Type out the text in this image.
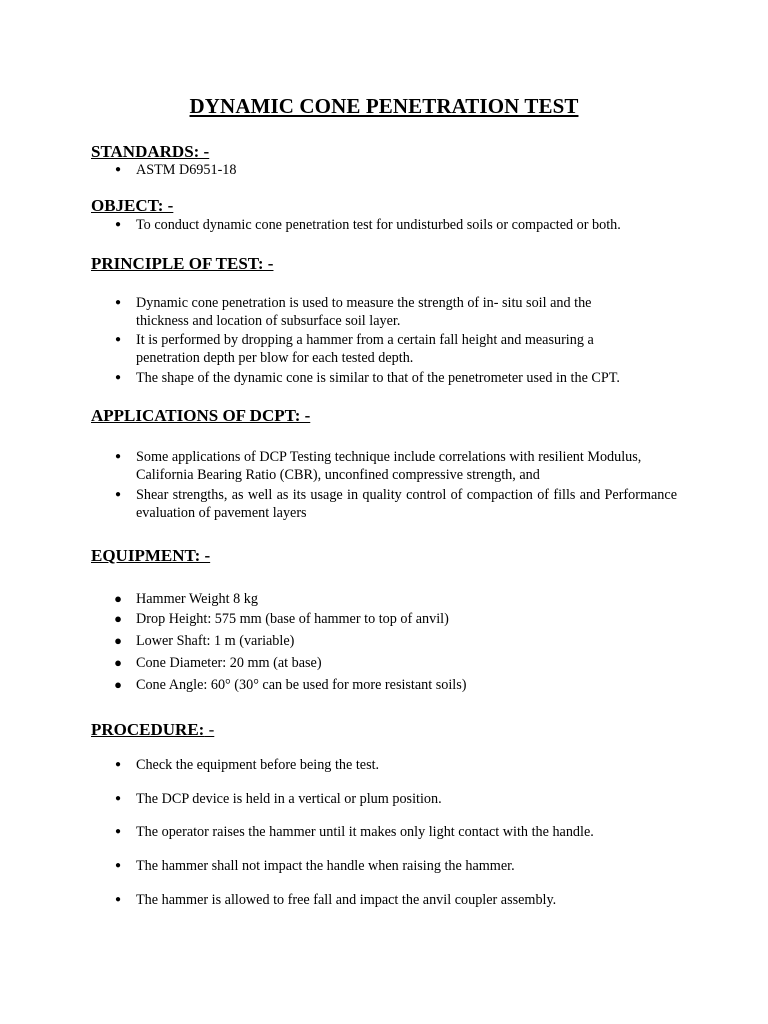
DYNAMIC CONE PENETRATION TEST
STANDARDS: -
● ASTM D6951-18
OBJECT: -
● To conduct dynamic cone penetration test for undisturbed soils or compacted or both.
PRINCIPLE OF TEST: -
● Dynamic cone penetration is used to measure the strength of in- situ soil and the thickness and location of subsurface soil layer.
● It is performed by dropping a hammer from a certain fall height and measuring a penetration depth per blow for each tested depth.
● The shape of the dynamic cone is similar to that of the penetrometer used in the CPT.
APPLICATIONS OF DCPT: -
● Some applications of DCP Testing technique include correlations with resilient Modulus, California Bearing Ratio (CBR), unconfined compressive strength, and
● Shear strengths, as well as its usage in quality control of compaction of fills and Performance evaluation of pavement layers
EQUIPMENT: -
● Hammer Weight 8 kg
● Drop Height: 575 mm (base of hammer to top of anvil)
● Lower Shaft: 1 m (variable)
● Cone Diameter: 20 mm (at base)
● Cone Angle: 60° (30° can be used for more resistant soils)
PROCEDURE: -
● Check the equipment before being the test.
● The DCP device is held in a vertical or plum position.
● The operator raises the hammer until it makes only light contact with the handle.
● The hammer shall not impact the handle when raising the hammer.
● The hammer is allowed to free fall and impact the anvil coupler assembly.
